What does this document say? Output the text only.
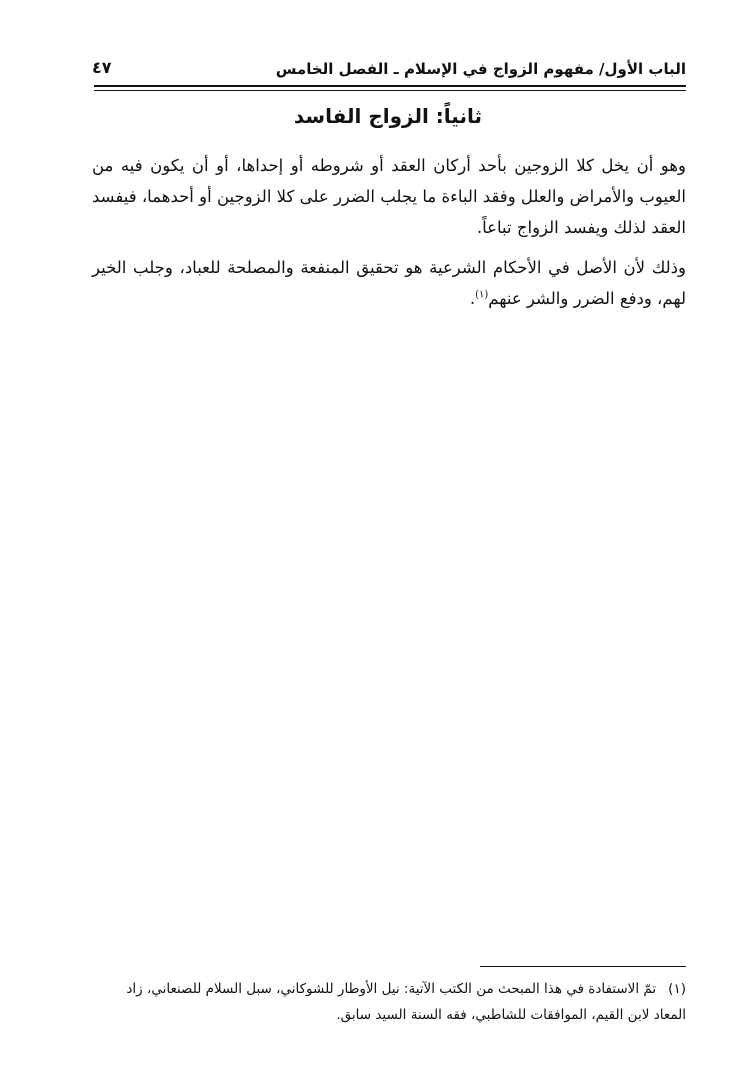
الباب الأول/ مفهوم الزواج في الإسلام ـ الفصل الخامس
٤٧
ثانياً: الزواج الفاسد

وهو أن يخل كلا الزوجين بأحد أركان العقد أو شروطه أو إحداها، أو أن يكون فيه من العيوب والأمراض والعلل وفقد الباءة ما يجلب الضرر على كلا الزوجين أو أحدهما، فيفسد العقد لذلك ويفسد الزواج تباعاً.

وذلك لأن الأصل في الأحكام الشرعية هو تحقيق المنفعة والمصلحة للعباد، وجلب الخير لهم، ودفع الضرر والشر عنهم$^{(١)}$.

(١)تمّ الاستفادة في هذا المبحث من الكتب الآتية: نيل الأوطار للشوكاني، سبل السلام للصنعاني، زاد المعاد لابن القيم، الموافقات للشاطبي، فقه السنة السيد سابق.
